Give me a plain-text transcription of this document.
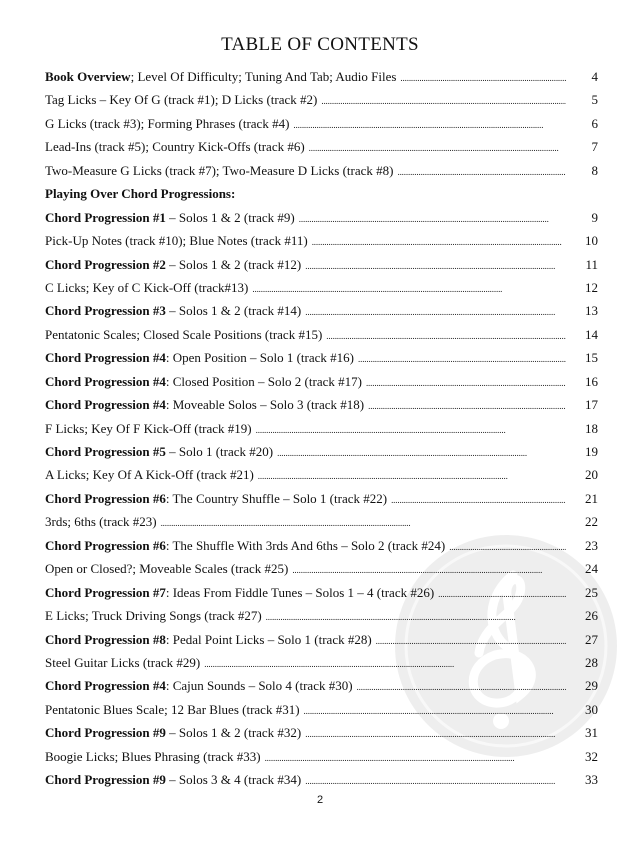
TABLE OF CONTENTS
Book Overview; Level Of Difficulty; Tuning And Tab; Audio Files . . .	4
Tag Licks – Key Of G (track #1); D Licks (track #2) . . .	5
G Licks (track #3); Forming Phrases (track #4) . . .	6
Lead-Ins (track #5); Country Kick-Offs (track #6) . . .	7
Two-Measure G Licks (track #7); Two-Measure D Licks (track #8) . . .	8
Playing Over Chord Progressions:
Chord Progression #1 – Solos 1 & 2 (track #9) . . .	9
Pick-Up Notes (track #10); Blue Notes (track #11) . . .	10
Chord Progression #2 – Solos 1 & 2 (track #12) . . .	11
C Licks; Key of C Kick-Off (track#13) . . .	12
Chord Progression #3 – Solos 1 & 2 (track #14) . . .	13
Pentatonic Scales; Closed Scale Positions (track #15) . . .	14
Chord Progression #4: Open Position – Solo 1 (track #16) . . .	15
Chord Progression #4: Closed Position – Solo 2 (track #17) . . .	16
Chord Progression #4: Moveable Solos – Solo 3 (track #18) . . .	17
F Licks; Key Of F Kick-Off (track #19) . . .	18
Chord Progression #5 – Solo 1 (track #20) . . .	19
A Licks; Key Of A Kick-Off (track #21) . . .	20
Chord Progression #6: The Country Shuffle – Solo 1 (track #22) . . .	21
3rds; 6ths (track #23) . . .	22
Chord Progression #6: The Shuffle With 3rds And 6ths – Solo 2 (track #24) . . .	23
Open or Closed?; Moveable Scales (track #25) . . .	24
Chord Progression #7: Ideas From Fiddle Tunes – Solos 1 – 4 (track #26) . . .	25
E Licks; Truck Driving Songs (track #27) . . .	26
Chord Progression #8: Pedal Point Licks – Solo 1 (track #28) . . .	27
Steel Guitar Licks (track #29) . . .	28
Chord Progression #4: Cajun Sounds – Solo 4 (track #30) . . .	29
Pentatonic Blues Scale; 12 Bar Blues (track #31) . . .	30
Chord Progression #9 – Solos 1 & 2 (track #32) . . .	31
Boogie Licks; Blues Phrasing (track #33) . . .	32
Chord Progression #9 – Solos 3 & 4 (track #34) . . .	33
2
